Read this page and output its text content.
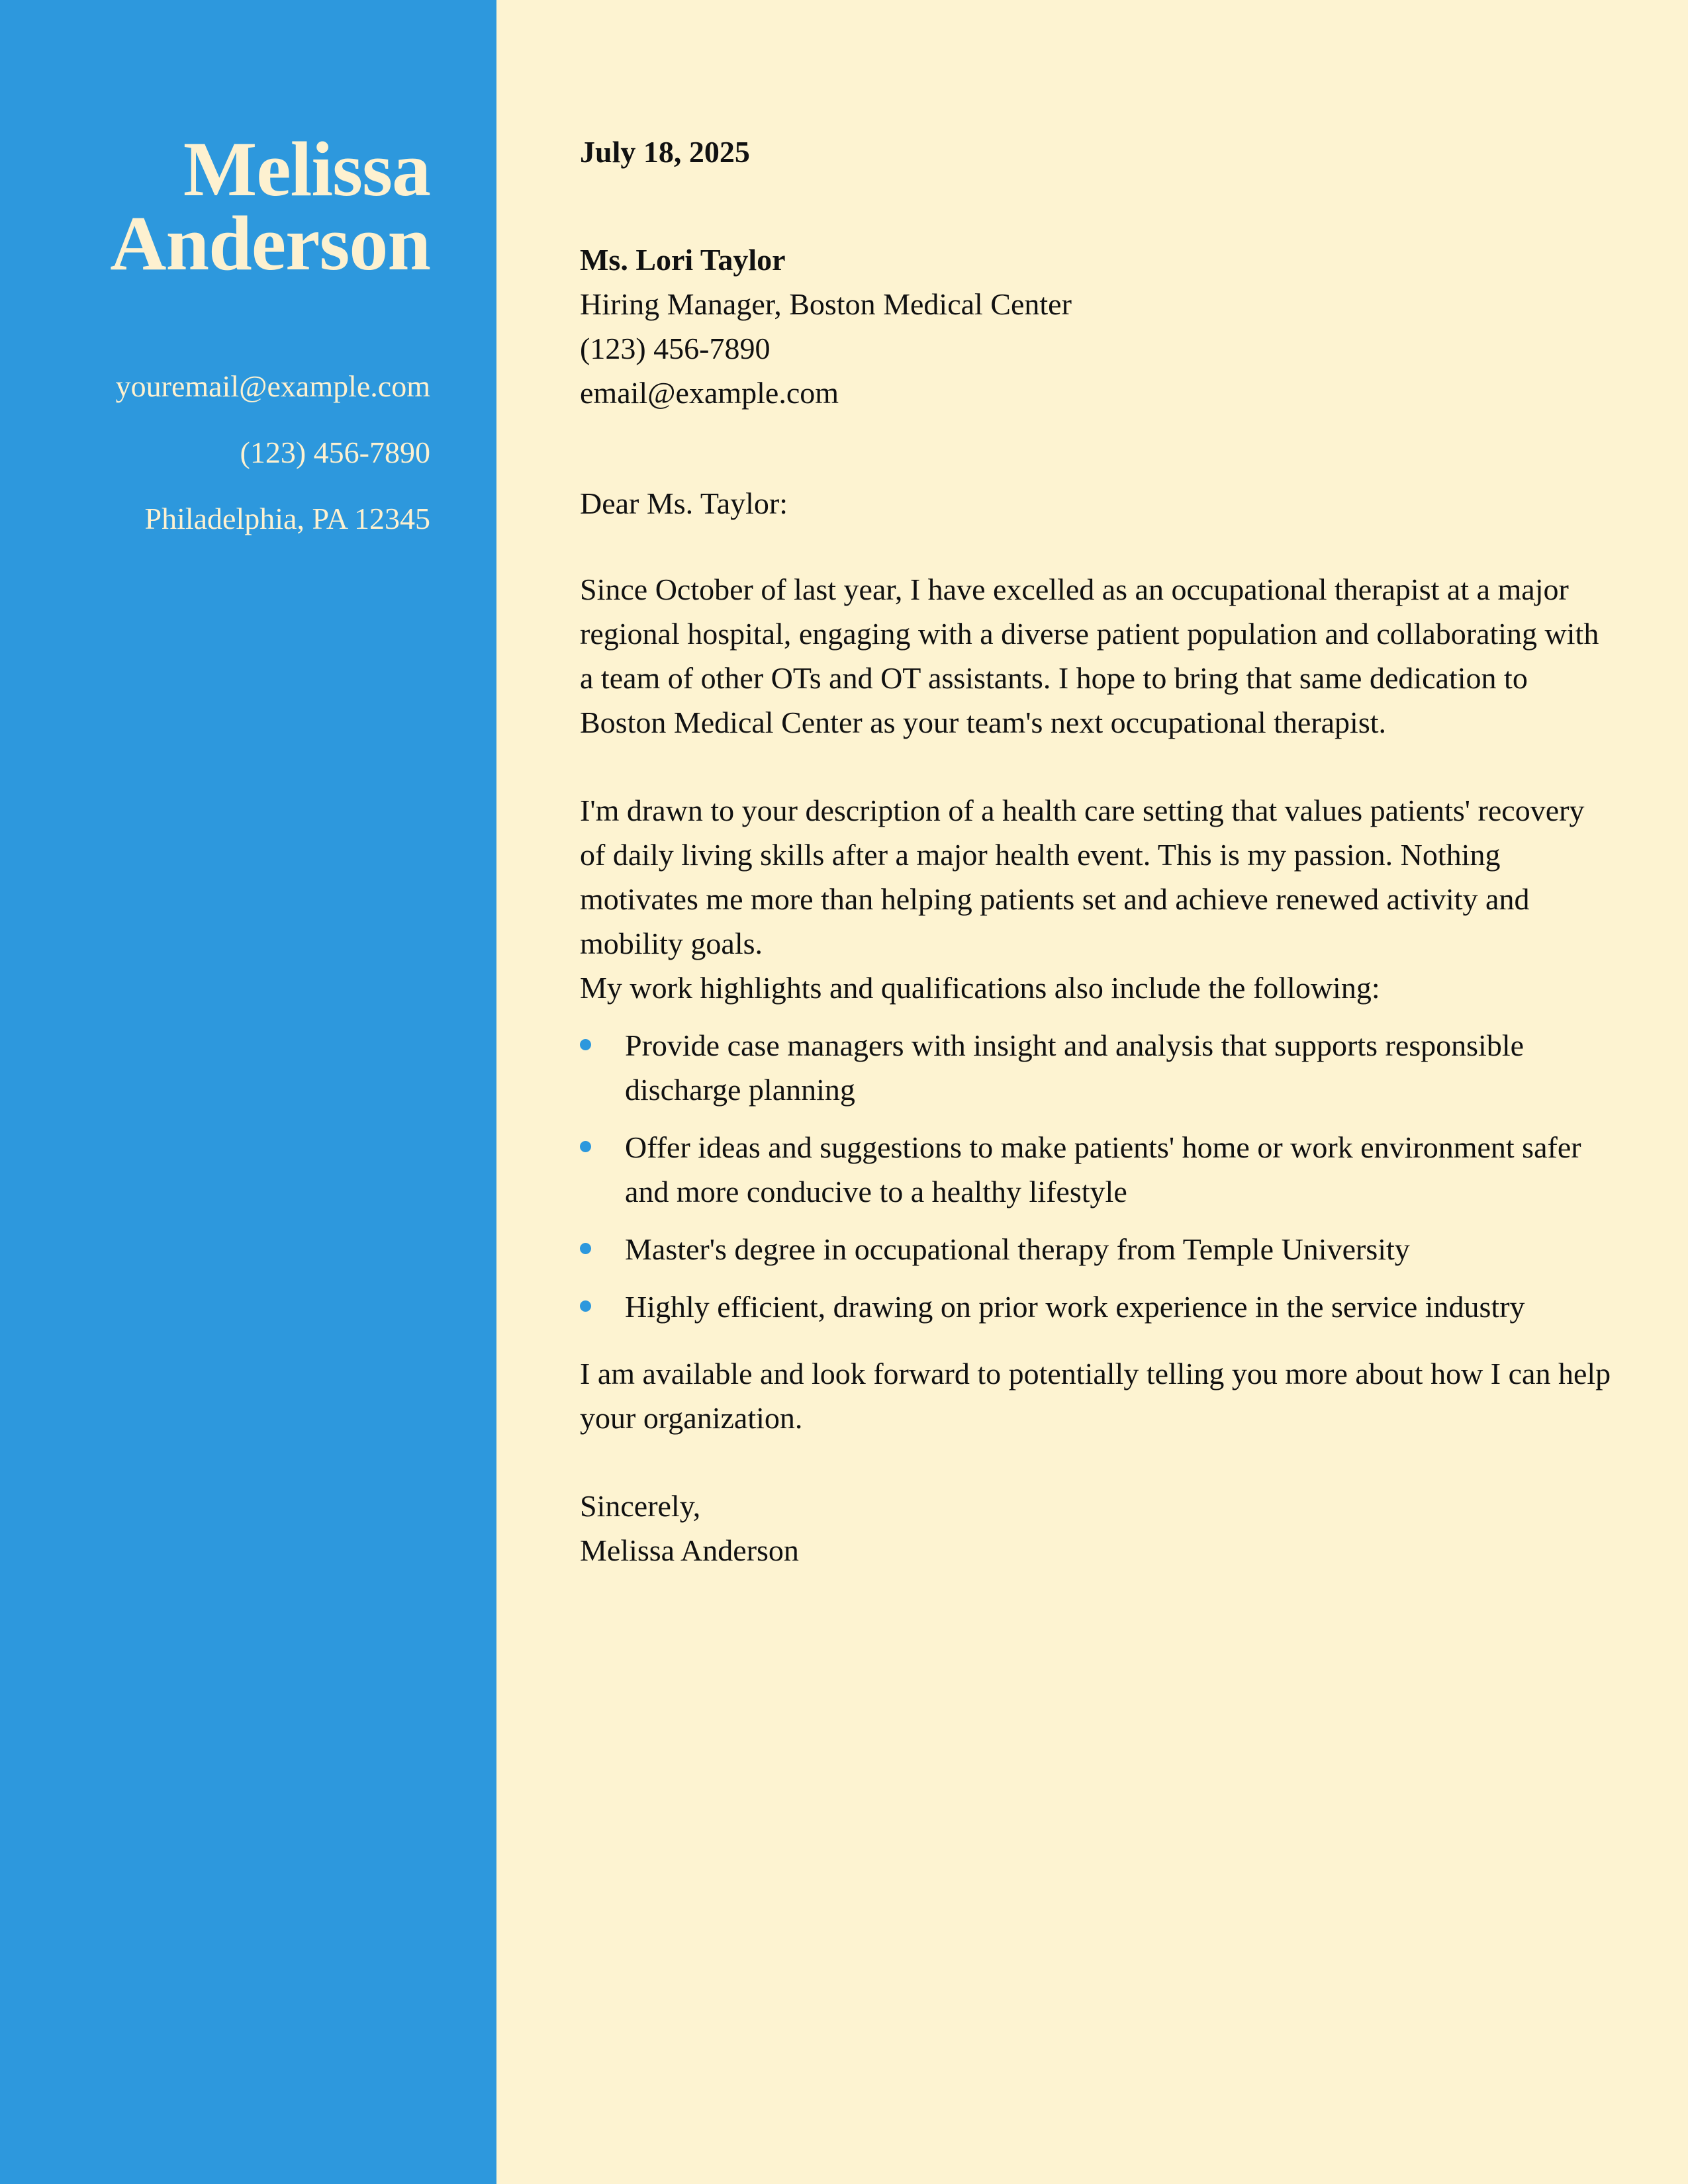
Melissa
Anderson
youremail@example.com
(123) 456-7890
Philadelphia, PA 12345

July 18, 2025

Ms. Lori Taylor
Hiring Manager, Boston Medical Center
(123) 456-7890
email@example.com

Dear Ms. Taylor:

Since October of last year, I have excelled as an occupational therapist at a major regional hospital, engaging with a diverse patient population and collaborating with a team of other OTs and OT assistants. I hope to bring that same dedication to Boston Medical Center as your team's next occupational therapist.

I'm drawn to your description of a health care setting that values patients' recovery of daily living skills after a major health event. This is my passion. Nothing motivates me more than helping patients set and achieve renewed activity and mobility goals.

My work highlights and qualifications also include the following:

Provide case managers with insight and analysis that supports responsible discharge planning
Offer ideas and suggestions to make patients' home or work environment safer and more conducive to a healthy lifestyle
Master's degree in occupational therapy from Temple University
Highly efficient, drawing on prior work experience in the service industry

I am available and look forward to potentially telling you more about how I can help your organization.

Sincerely,
Melissa Anderson
